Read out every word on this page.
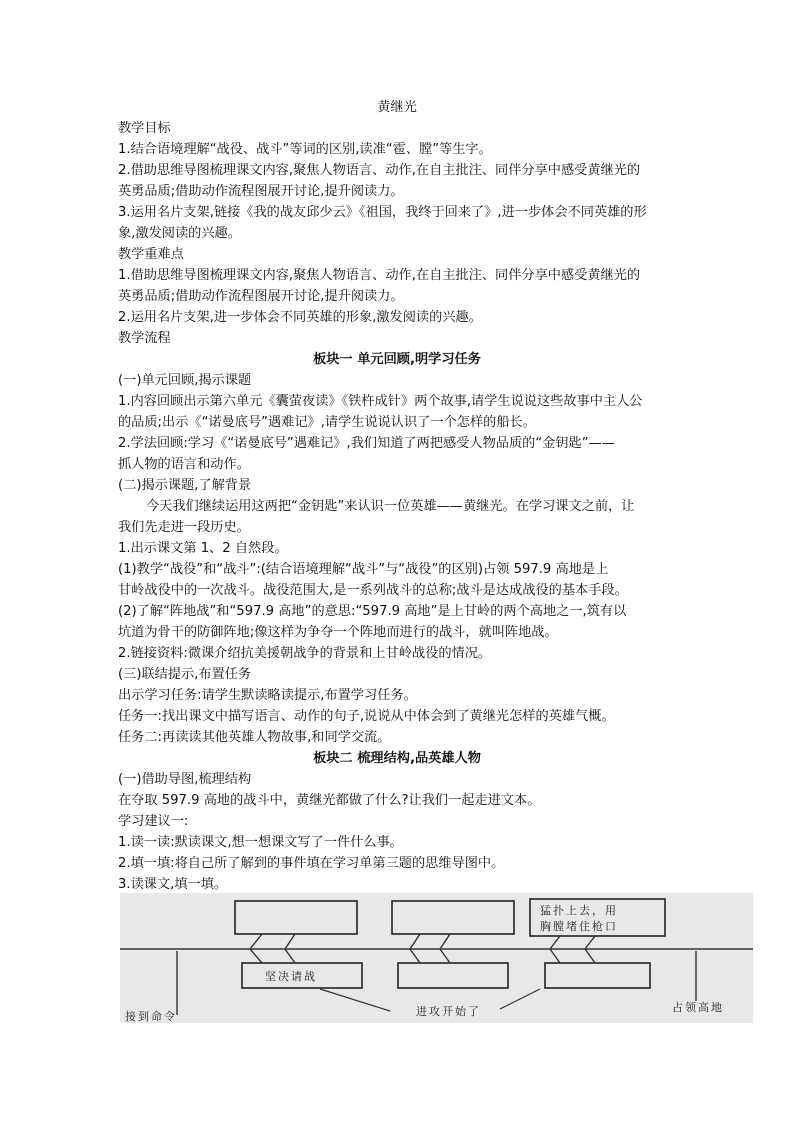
黄继光
教学目标
1.结合语境理解“战役、战斗”等词的区别,读准“雹、膛”等生字。
2.借助思维导图梳理课文内容,聚焦人物语言、动作,在自主批注、同伴分享中感受黄继光的
英勇品质;借助动作流程图展开讨论,提升阅读力。
3.运用名片支架,链接《我的战友邱少云》《祖国，我终于回来了》,进一步体会不同英雄的形
象,激发阅读的兴趣。
教学重难点
1.借助思维导图梳理课文内容,聚焦人物语言、动作,在自主批注、同伴分享中感受黄继光的
英勇品质;借助动作流程图展开讨论,提升阅读力。
2.运用名片支架,进一步体会不同英雄的形象,激发阅读的兴趣。
教学流程
板块一 单元回顾,明学习任务
(一)单元回顾,揭示课题
1.内容回顾出示第六单元《囊萤夜读》《铁杵成针》两个故事,请学生说说这些故事中主人公
的品质;出示《“诺曼底号”遇难记》,请学生说说认识了一个怎样的船长。
2.学法回顾:学习《“诺曼底号”遇难记》,我们知道了两把感受人物品质的“金钥匙”——
抓人物的语言和动作。
(二)揭示课题,了解背景
今天我们继续运用这两把“金钥匙”来认识一位英雄——黄继光。在学习课文之前，让
我们先走进一段历史。
1.出示课文第 1、2 自然段。
(1)教学“战役”和“战斗”:(结合语境理解“战斗”与“战役”的区别)占领 597.9 高地是上
甘岭战役中的一次战斗。战役范围大,是一系列战斗的总称;战斗是达成战役的基本手段。
(2)了解“阵地战”和“597.9 高地”的意思:“597.9 高地”是上甘岭的两个高地之一,筑有以
坑道为骨干的防御阵地;像这样为争夺一个阵地而进行的战斗，就叫阵地战。
2.链接资料:微课介绍抗美援朝战争的背景和上甘岭战役的情况。
(三)联结提示,布置任务
出示学习任务:请学生默读略读提示,布置学习任务。
任务一:找出课文中描写语言、动作的句子,说说从中体会到了黄继光怎样的英雄气概。
任务二:再读读其他英雄人物故事,和同学交流。
板块二 梳理结构,品英雄人物
(一)借助导图,梳理结构
在夺取 597.9 高地的战斗中，黄继光都做了什么?让我们一起走进文本。
学习建议一:
1.读一读:默读课文,想一想课文写了一件什么事。
2.填一填:将自己所了解到的事件填在学习单第三题的思维导图中。
3.读课文,填一填。
猛扑上去，用
胸膛堵住枪口
坚决请战
接到命令	进攻开始了	占领高地
